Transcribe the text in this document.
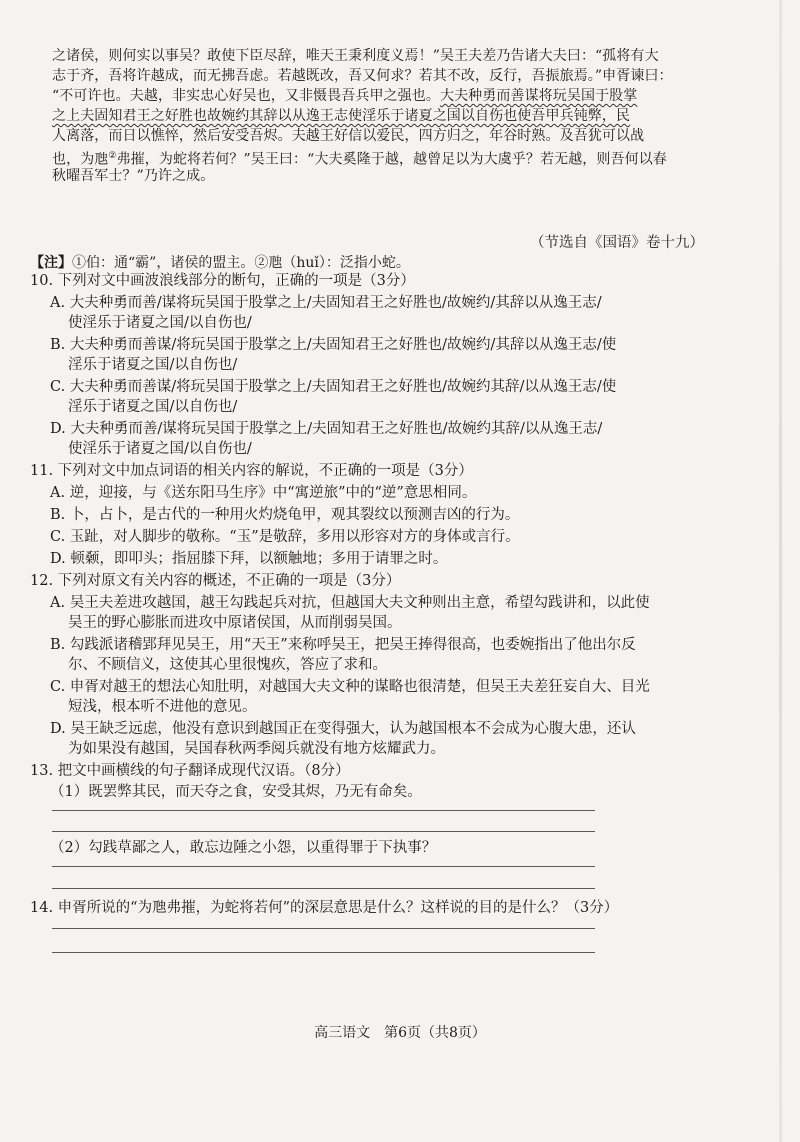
之诸侯，则何实以事吴？敢使下臣尽辞，唯天王秉利度义焉！”吴王夫差乃告诸大夫曰：“孤将有大
志于齐，吾将许越成，而无拂吾虑。若越既改，吾又何求？若其不改，反行，吾振旅焉。”申胥谏曰：
“不可许也。夫越，非实忠心好吴也，又非慑畏吾兵甲之强也。大夫种勇而善谋将玩吴国于股掌
之上夫固知君王之好胜也故婉约其辞以从逸王志使淫乐于诸夏之国以自伤也使吾甲兵钝弊，民
人离落，而日以憔悴，然后安受吾烬。夫越王好信以爱民，四方归之，年谷时熟。及吾犹可以战
也，为虺②弗摧，为蛇将若何？”吴王曰：“大夫奚隆于越，越曾足以为大虞乎？若无越，则吾何以春
秋曜吾军士？”乃许之成。
（节选自《国语》卷十九）
【注】①伯：通“霸”，诸侯的盟主。②虺（huǐ）：泛指小蛇。
10. 下列对文中画波浪线部分的断句，正确的一项是（3分）
A. 大夫种勇而善/谋将玩吴国于股掌之上/夫固知君王之好胜也/故婉约/其辞以从逸王志/
使淫乐于诸夏之国/以自伤也/
B. 大夫种勇而善谋/将玩吴国于股掌之上/夫固知君王之好胜也/故婉约/其辞以从逸王志/使
淫乐于诸夏之国/以自伤也/
C. 大夫种勇而善谋/将玩吴国于股掌之上/夫固知君王之好胜也/故婉约其辞/以从逸王志/使
淫乐于诸夏之国/以自伤也/
D. 大夫种勇而善/谋将玩吴国于股掌之上/夫固知君王之好胜也/故婉约其辞/以从逸王志/
使淫乐于诸夏之国/以自伤也/
11. 下列对文中加点词语的相关内容的解说，不正确的一项是（3分）
A. 逆，迎接，与《送东阳马生序》中“寓逆旅”中的“逆”意思相同。
B. 卜，占卜，是古代的一种用火灼烧龟甲，观其裂纹以预测吉凶的行为。
C. 玉趾，对人脚步的敬称。“玉”是敬辞，多用以形容对方的身体或言行。
D. 顿颡，即叩头；指屈膝下拜，以额触地；多用于请罪之时。
12. 下列对原文有关内容的概述，不正确的一项是（3分）
A. 吴王夫差进攻越国，越王勾践起兵对抗，但越国大夫文种则出主意，希望勾践讲和，以此使
吴王的野心膨胀而进攻中原诸侯国，从而削弱吴国。
B. 勾践派诸稽郢拜见吴王，用“天王”来称呼吴王，把吴王捧得很高，也委婉指出了他出尔反
尔、不顾信义，这使其心里很愧疚，答应了求和。
C. 申胥对越王的想法心知肚明，对越国大夫文种的谋略也很清楚，但吴王夫差狂妄自大、目光
短浅，根本听不进他的意见。
D. 吴王缺乏远虑，他没有意识到越国正在变得强大，认为越国根本不会成为心腹大患，还认
为如果没有越国，吴国春秋两季阅兵就没有地方炫耀武力。
13. 把文中画横线的句子翻译成现代汉语。（8分）
（1）既罢弊其民，而天夺之食，安受其烬，乃无有命矣。
（2）勾践草鄙之人，敢忘边陲之小怨，以重得罪于下执事？
14. 申胥所说的“为虺弗摧，为蛇将若何”的深层意思是什么？这样说的目的是什么？（3分）
高三语文　第6页（共8页）
